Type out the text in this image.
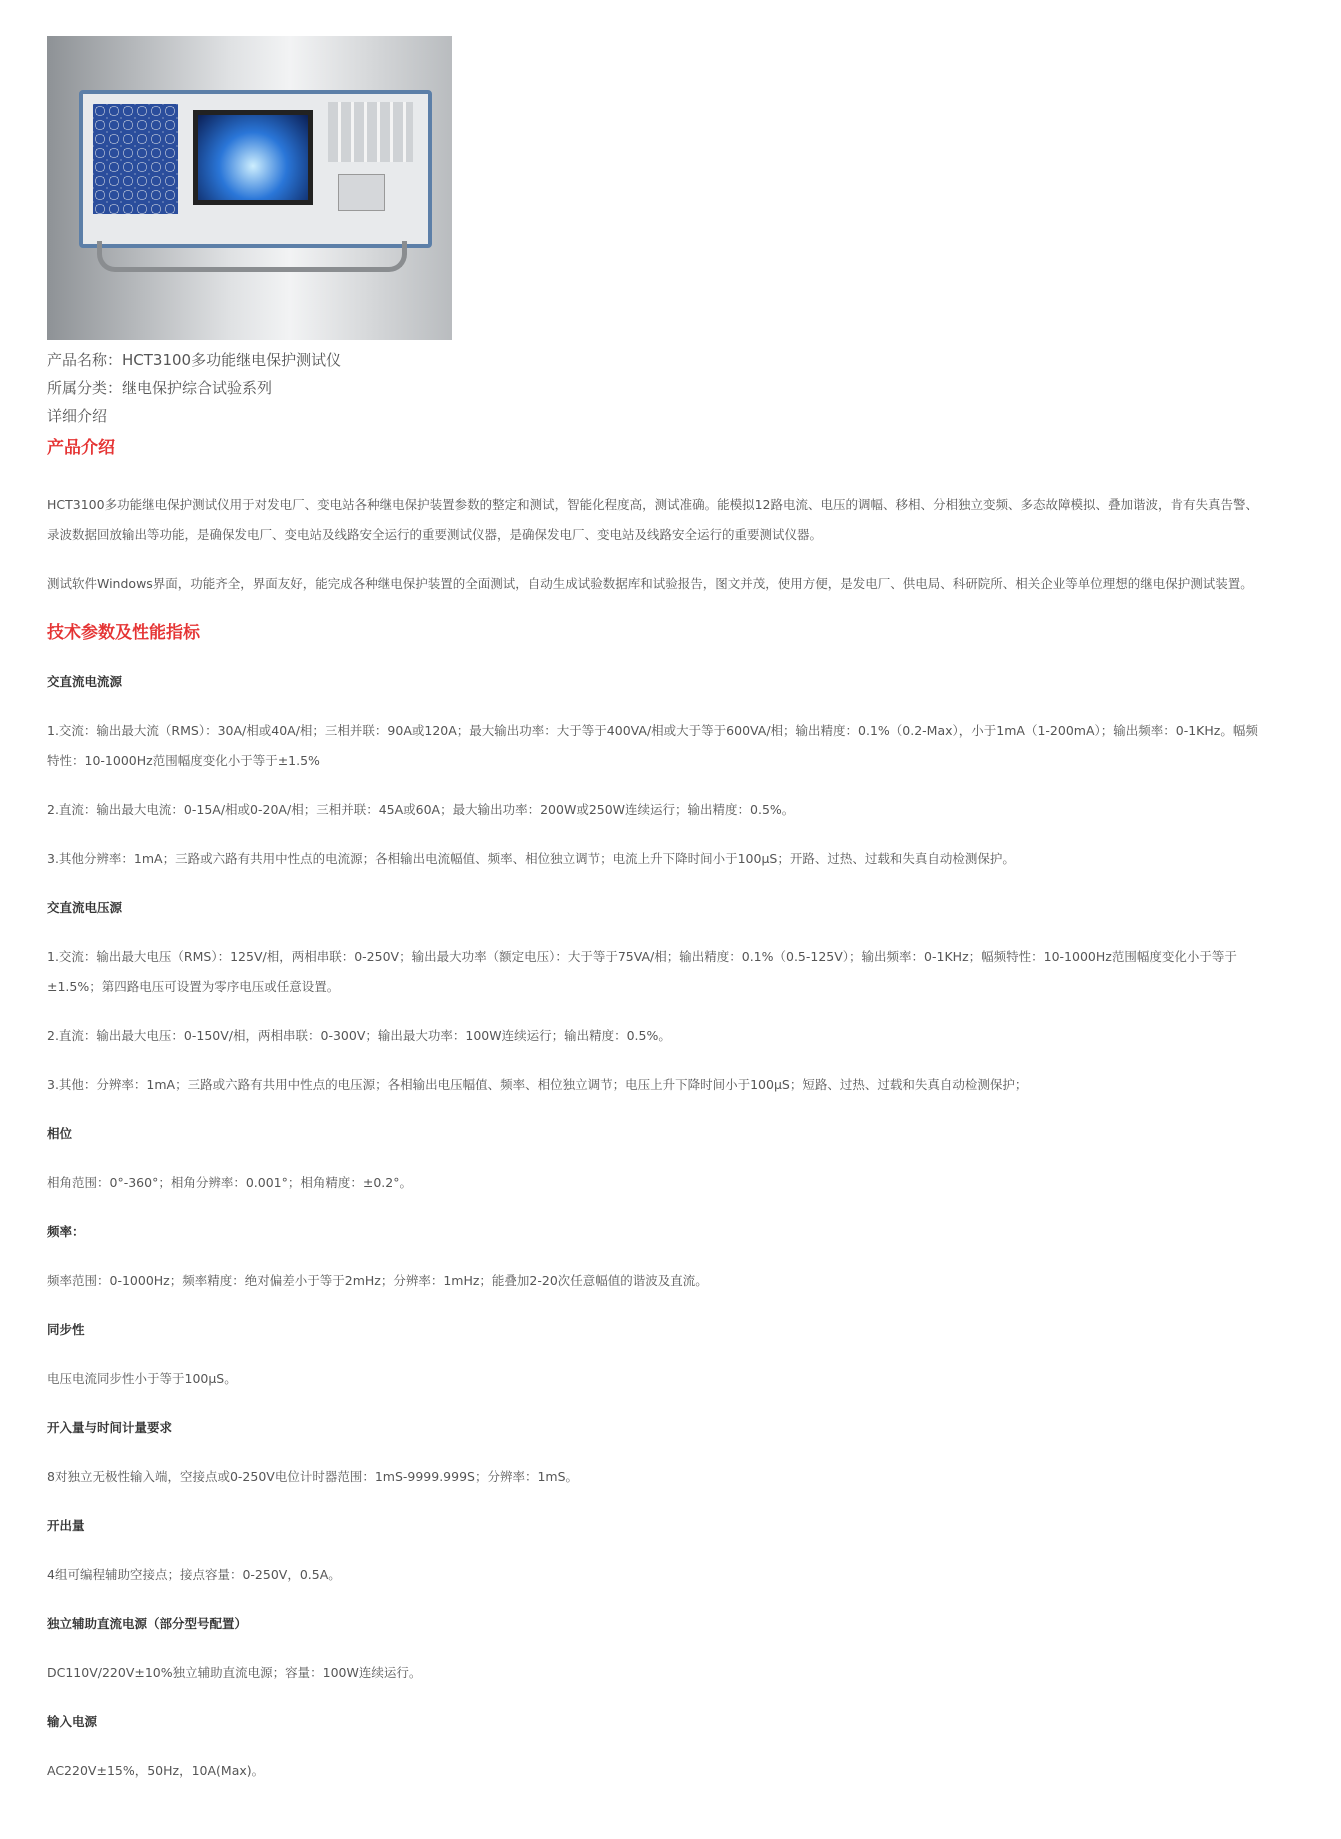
产品名称：HCT3100多功能继电保护测试仪
所属分类：继电保护综合试验系列
详细介绍
产品介绍

HCT3100多功能继电保护测试仪用于对发电厂、变电站各种继电保护装置参数的整定和测试，智能化程度高，测试准确。能模拟12路电流、电压的调幅、移相、分相独立变频、多态故障模拟、叠加谐波，肯有失真告警、录波数据回放输出等功能，是确保发电厂、变电站及线路安全运行的重要测试仪器，是确保发电厂、变电站及线路安全运行的重要测试仪器。

测试软件Windows界面，功能齐全，界面友好，能完成各种继电保护装置的全面测试，自动生成试验数据库和试验报告，图文并茂，使用方便，是发电厂、供电局、科研院所、相关企业等单位理想的继电保护测试装置。

技术参数及性能指标
交直流电流源

1.交流：输出最大流（RMS）：30A/相或40A/相；三相并联：90A或120A；最大输出功率：大于等于400VA/相或大于等于600VA/相；输出精度：0.1%（0.2-Max），小于1mA（1-200mA）；输出频率：0-1KHz。幅频特性：10-1000Hz范围幅度变化小于等于±1.5%

2.直流：输出最大电流：0-15A/相或0-20A/相；三相并联：45A或60A；最大输出功率：200W或250W连续运行；输出精度：0.5%。

3.其他分辨率：1mA；三路或六路有共用中性点的电流源；各相输出电流幅值、频率、相位独立调节；电流上升下降时间小于100μS；开路、过热、过载和失真自动检测保护。

交直流电压源

1.交流：输出最大电压（RMS）：125V/相，两相串联：0-250V；输出最大功率（额定电压）：大于等于75VA/相；输出精度：0.1%（0.5-125V）；输出频率：0-1KHz；幅频特性：10-1000Hz范围幅度变化小于等于±1.5%；第四路电压可设置为零序电压或任意设置。

2.直流：输出最大电压：0-150V/相，两相串联：0-300V；输出最大功率：100W连续运行；输出精度：0.5%。

3.其他：分辨率：1mA；三路或六路有共用中性点的电压源；各相输出电压幅值、频率、相位独立调节；电压上升下降时间小于100μS；短路、过热、过载和失真自动检测保护；

相位

相角范围：0°-360°；相角分辨率：0.001°；相角精度：±0.2°。

频率：

频率范围：0-1000Hz；频率精度：绝对偏差小于等于2mHz；分辨率：1mHz；能叠加2-20次任意幅值的谐波及直流。

同步性

电压电流同步性小于等于100μS。

开入量与时间计量要求

8对独立无极性输入端，空接点或0-250V电位计时器范围：1mS-9999.999S；分辨率：1mS。

开出量

4组可编程辅助空接点；接点容量：0-250V，0.5A。

独立辅助直流电源（部分型号配置）

DC110V/220V±10%独立辅助直流电源；容量：100W连续运行。

输入电源

AC220V±15%，50Hz，10A(Max)。
